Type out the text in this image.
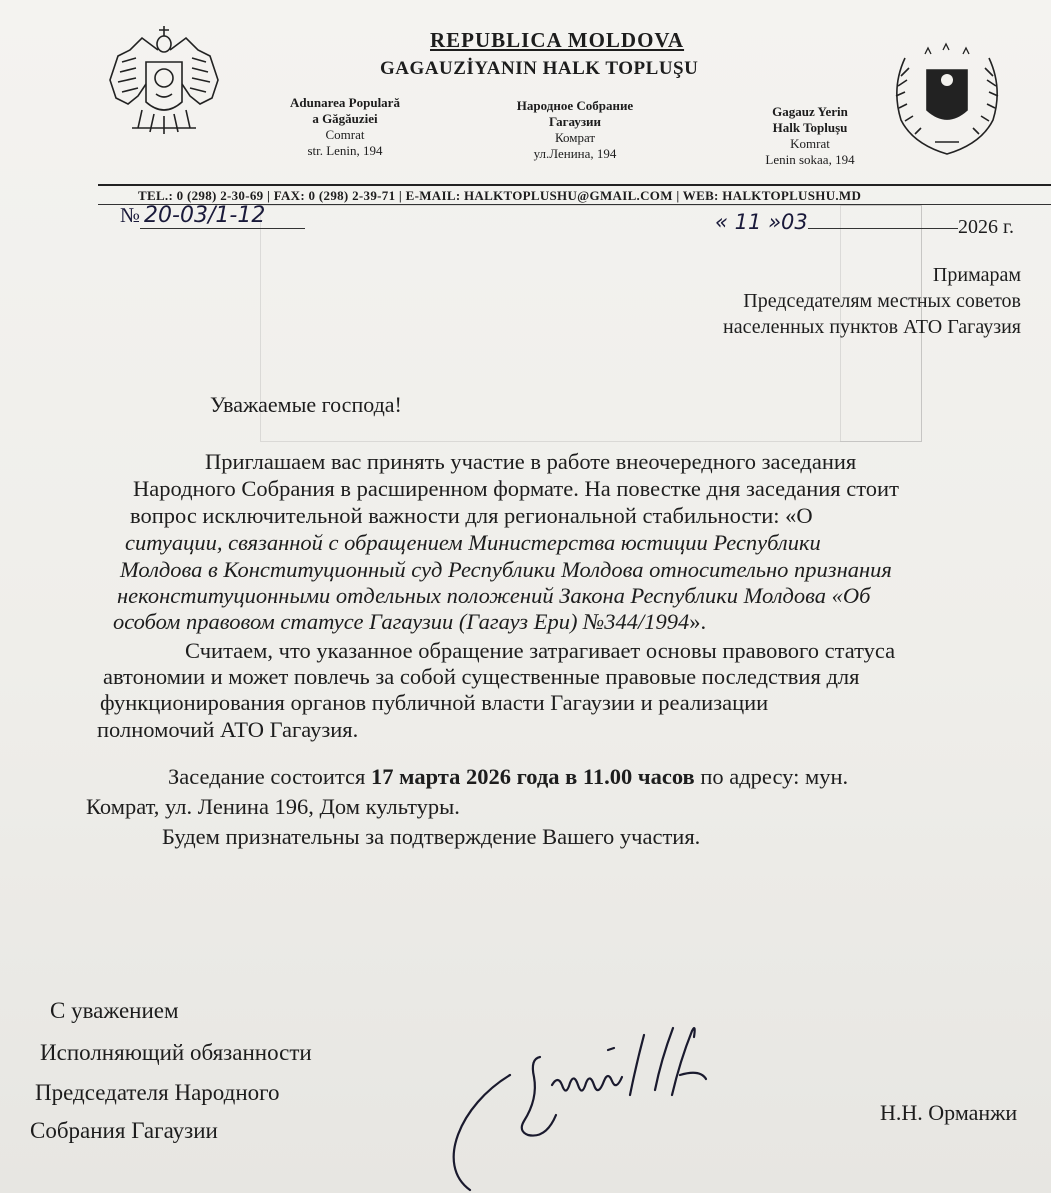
REPUBLICA MOLDOVA
GAGAUZİYANIN HALK TOPLUŞU
Adunarea Populară
a Găgăuziei
Comrat
str. Lenin, 194
Народное Собрание
Гагаузии
Комрат
ул.Ленина, 194
Gagauz Yerin
Halk Toplușu
Komrat
Lenin sokaa, 194
TEL.: 0 (298) 2-30-69 | FAX: 0 (298) 2-39-71 | E-MAIL: HALKTOPLUSHU@GMAIL.COM | WEB: HALKTOPLUSHU.MD
№ 20-03/1-12	« 11 »03	2026 г.
Примарам
Председателям местных советов
населенных пунктов АТО Гагаузия
Уважаемые господа!
Приглашаем вас принять участие в работе внеочередного заседания
Народного Собрания в расширенном формате. На повестке дня заседания стоит
вопрос исключительной важности для региональной стабильности: «О
ситуации, связанной с обращением Министерства юстиции Республики
Молдова в Конституционный суд Республики Молдова относительно признания
неконституционными отдельных положений Закона Республики Молдова «Об
особом правовом статусе Гагаузии (Гагауз Ери) №344/1994».
Считаем, что указанное обращение затрагивает основы правового статуса
автономии и может повлечь за собой существенные правовые последствия для
функционирования органов публичной власти Гагаузии и реализации
полномочий АТО Гагаузия.
Заседание состоится 17 марта 2026 года в 11.00 часов по адресу: мун.
Комрат, ул. Ленина 196, Дом культуры.
Будем признательны за подтверждение Вашего участия.
С уважением
Исполняющий обязанности
Председателя Народного
Собрания Гагаузии
Н.Н. Орманжи
